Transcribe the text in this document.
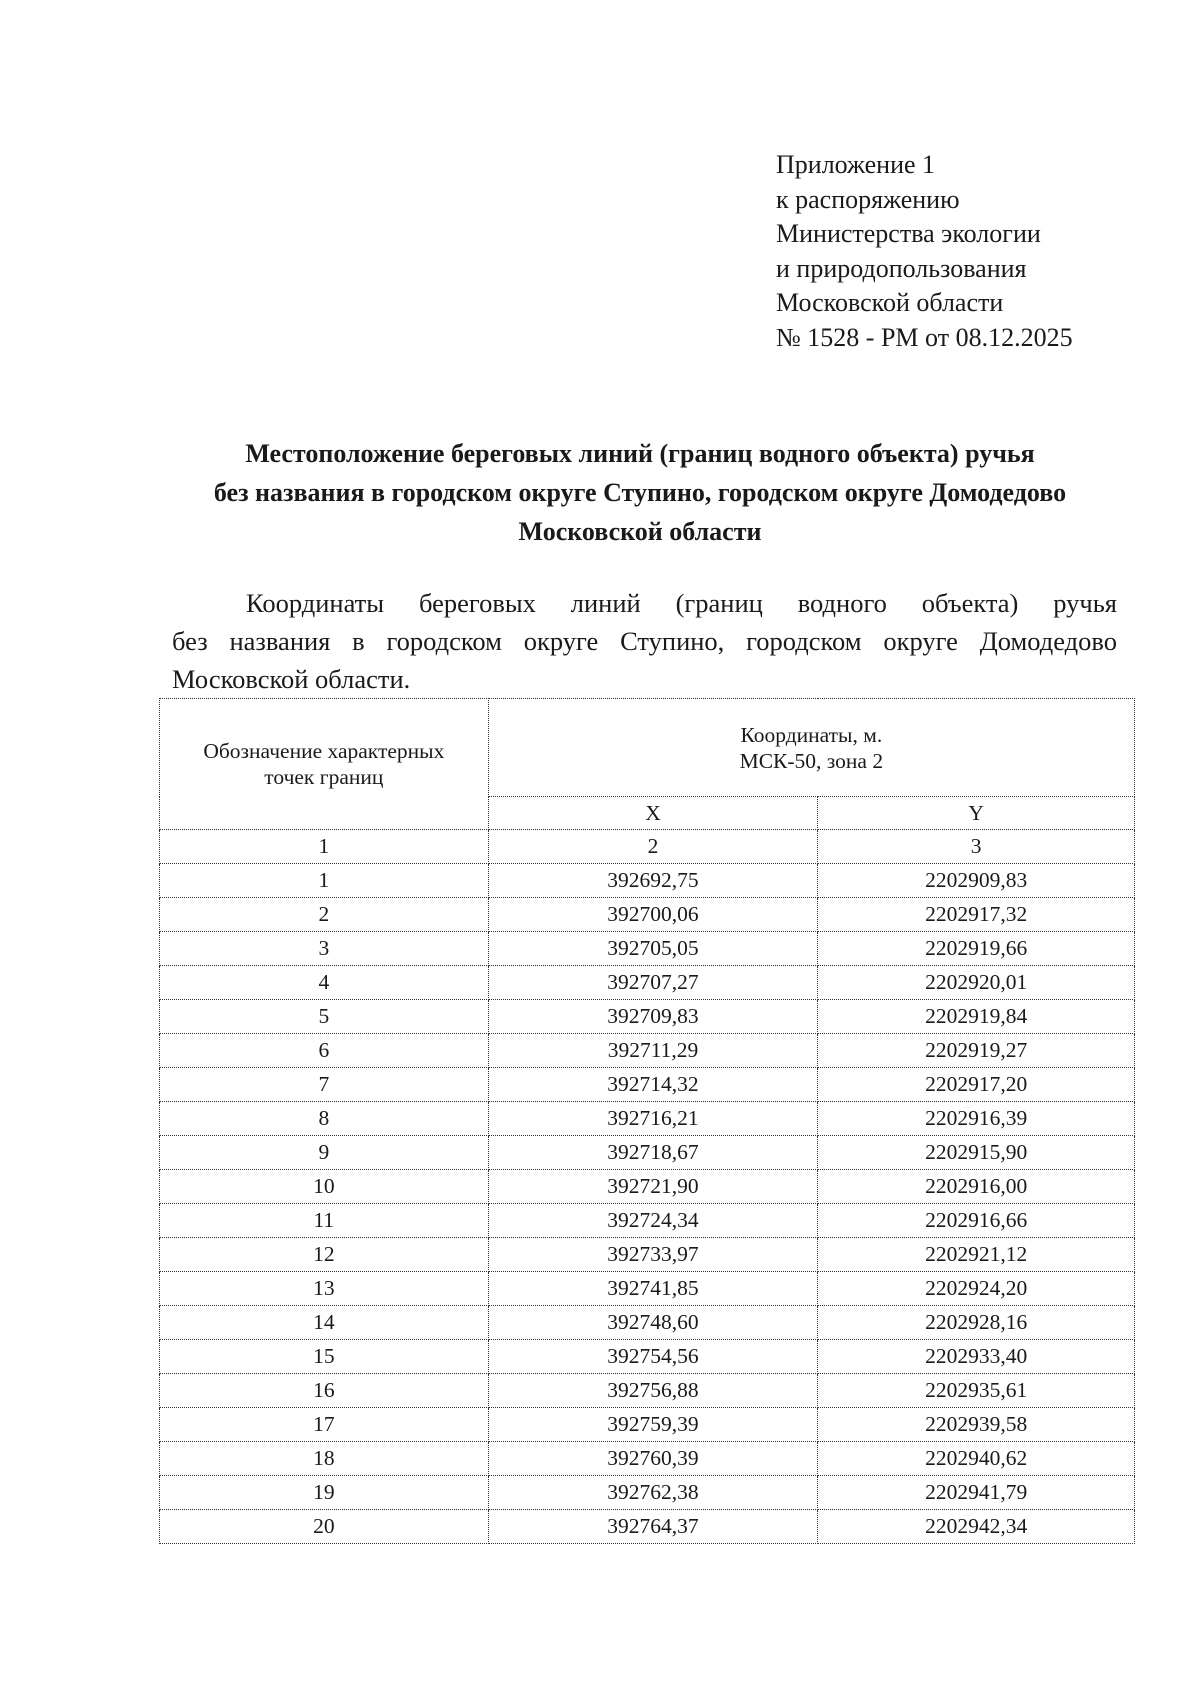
Приложение 1
к распоряжению
Министерства экологии
и природопользования
Московской области
№ 1528 - РМ от 08.12.2025
Местоположение береговых линий (границ водного объекта) ручья
без названия в городском округе Ступино, городском округе Домодедово
Московской области
Координаты береговых линий (границ водного объекта) ручья
без названия в городском округе Ступино, городском округе Домодедово
Московской области.
Обозначение характерных
точек границ	Координаты, м.
МСК-50, зона 2	

	X	Y
1	2	3
1	392692,75	2202909,83
2	392700,06	2202917,32
3	392705,05	2202919,66
4	392707,27	2202920,01
5	392709,83	2202919,84
6	392711,29	2202919,27
7	392714,32	2202917,20
8	392716,21	2202916,39
9	392718,67	2202915,90
10	392721,90	2202916,00
11	392724,34	2202916,66
12	392733,97	2202921,12
13	392741,85	2202924,20
14	392748,60	2202928,16
15	392754,56	2202933,40
16	392756,88	2202935,61
17	392759,39	2202939,58
18	392760,39	2202940,62
19	392762,38	2202941,79
20	392764,37	2202942,34
